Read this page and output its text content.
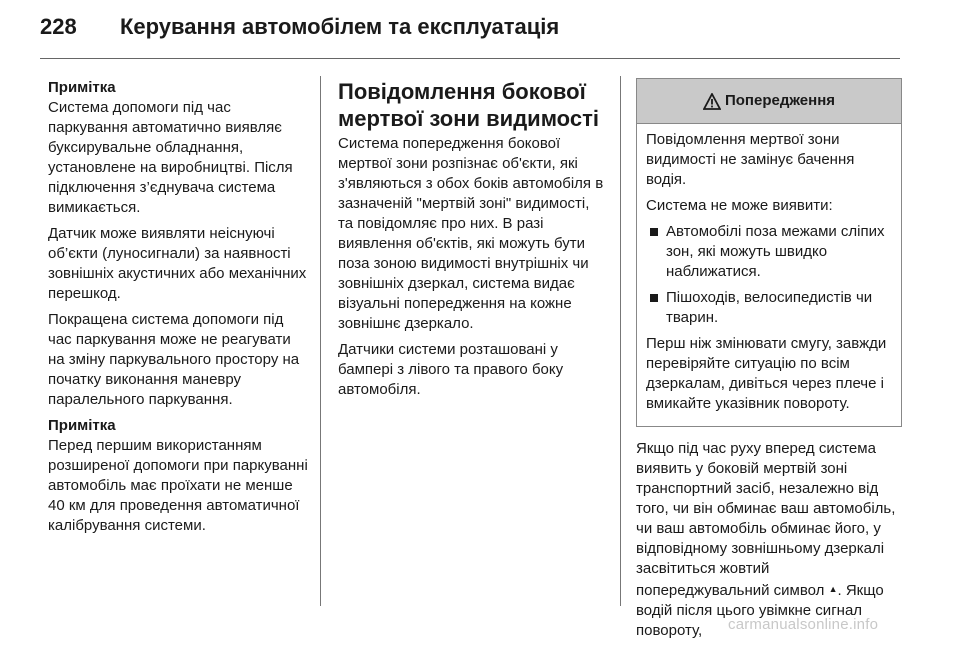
228 Керування автомобілем та експлуатація
Примітка

Система допомоги під час паркування автоматично виявляє буксирувальне обладнання, установлене на виробництві. Після підключення з’єднувача система вимикається.

Датчик може виявляти неіснуючі об’єкти (луносигнали) за наявності зовнішніх акустичних або механічних перешкод.

Покращена система допомоги під час паркування може не реагувати на зміну паркувального простору на початку виконання маневру паралельного паркування.

Примітка

Перед першим використанням розширеної допомоги при паркуванні автомобіль має проїхати не менше 40 км для проведення автоматичної калібрування системи.

Повідомлення бокової мертвої зони видимості

Система попередження бокової мертвої зони розпізнає об'єкти, які з'являються з обох боків автомобіля в зазначеній "мертвій зоні" видимості, та повідомляє про них. В разі виявлення об'єктів, які можуть бути поза зоною видимості внутрішніх чи зовнішніх дзеркал, система видає візуальні попередження на кожне зовнішнє дзеркало.

Датчики системи розташовані у бампері з лівого та правого боку автомобіля.

Попередження

Повідомлення мертвої зони видимості не замінує бачення водія.

Система не може виявити:

Автомобілі поза межами сліпих зон, які можуть швидко наближатися.
Пішоходів, велосипедистів чи тварин.

Перш ніж змінювати смугу, завжди перевіряйте ситуацію по всім дзеркалам, дивіться через плече і вмикайте указівник повороту.

Якщо під час руху вперед система виявить у боковій мертвій зоні транспортний засіб, незалежно від того, чи він обминає ваш автомобіль, чи ваш автомобіль обминає його, у відповідному зовнішньому дзеркалі засвітиться жовтий попереджувальний символ ▲. Якщо водій після цього увімкне сигнал повороту,	carmanualsonline.info
